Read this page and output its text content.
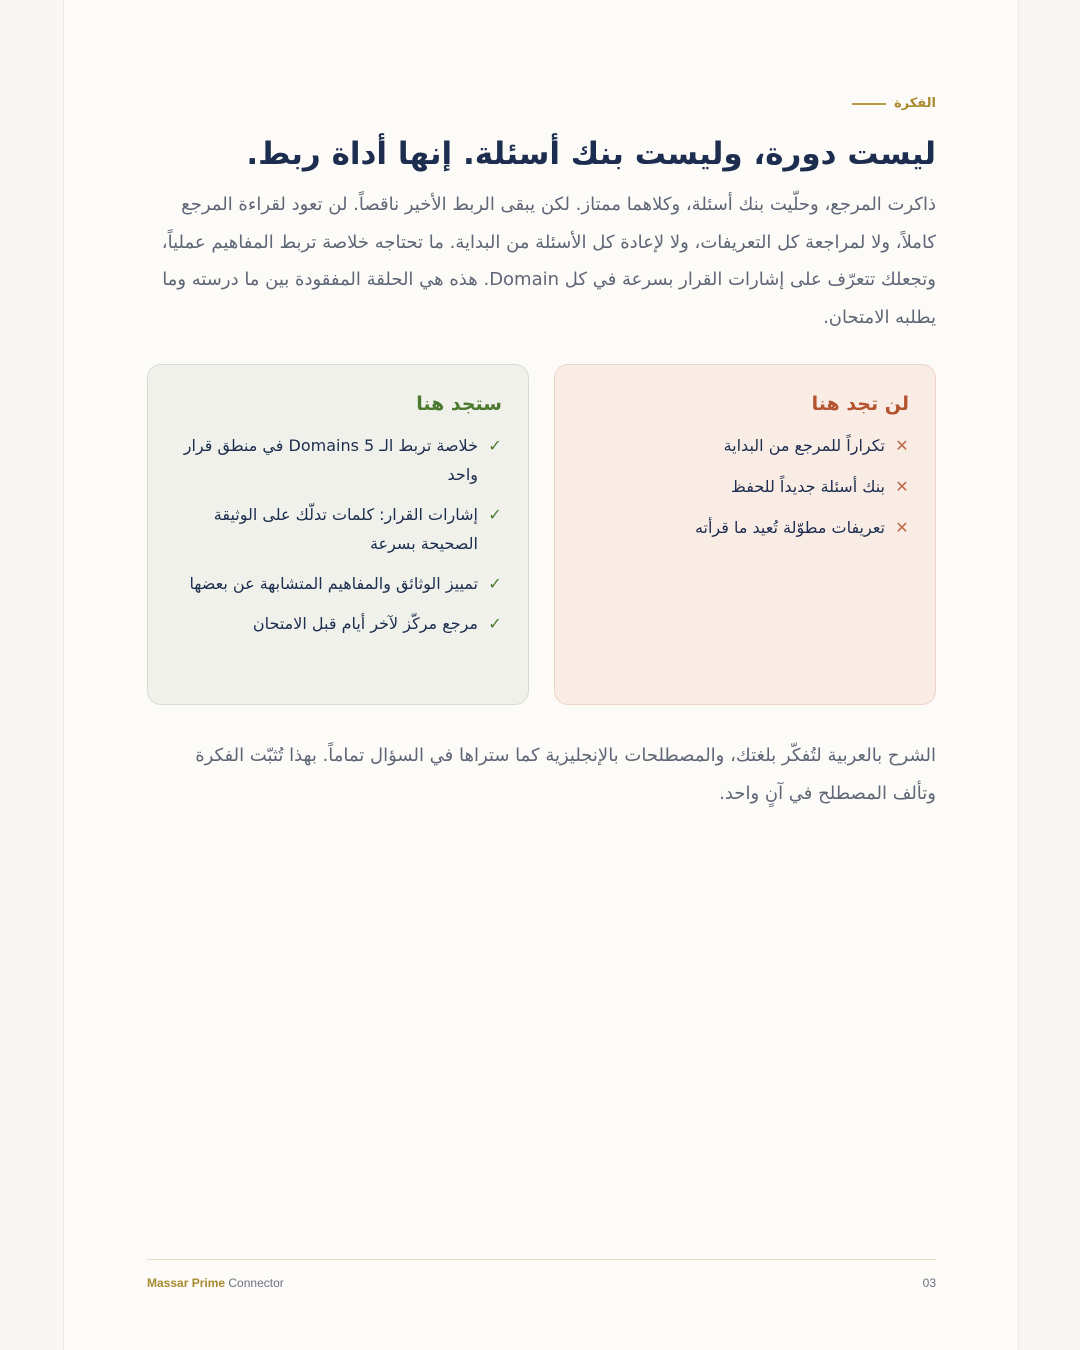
الفكرة
ليست دورة، وليست بنك أسئلة. إنها أداة ربط.

ذاكرت المرجع، وحلّيت بنك أسئلة، وكلاهما ممتاز. لكن يبقى الربط الأخير ناقصاً. لن تعود لقراءة المرجع كاملاً، ولا لمراجعة كل التعريفات، ولا لإعادة كل الأسئلة من البداية. ما تحتاجه خلاصة تربط المفاهيم عملياً، وتجعلك تتعرّف على إشارات القرار بسرعة في كل Domain. هذه هي الحلقة المفقودة بين ما درسته وما يطلبه الامتحان.

لن تجد هنا
✕
تكراراً للمرجع من البداية
✕
بنك أسئلة جديداً للحفظ
✕
تعريفات مطوّلة تُعيد ما قرأته
ستجد هنا
✓
خلاصة تربط الـ 5 Domains في منطق قرار واحد
✓
إشارات القرار: كلمات تدلّك على الوثيقة الصحيحة بسرعة
✓
تمييز الوثائق والمفاهيم المتشابهة عن بعضها
✓
مرجع مركّز لآخر أيام قبل الامتحان

الشرح بالعربية لتُفكّر بلغتك، والمصطلحات بالإنجليزية كما ستراها في السؤال تماماً. بهذا تُثبّت الفكرة وتألف المصطلح في آنٍ واحد.

Massar Prime Connector	03
